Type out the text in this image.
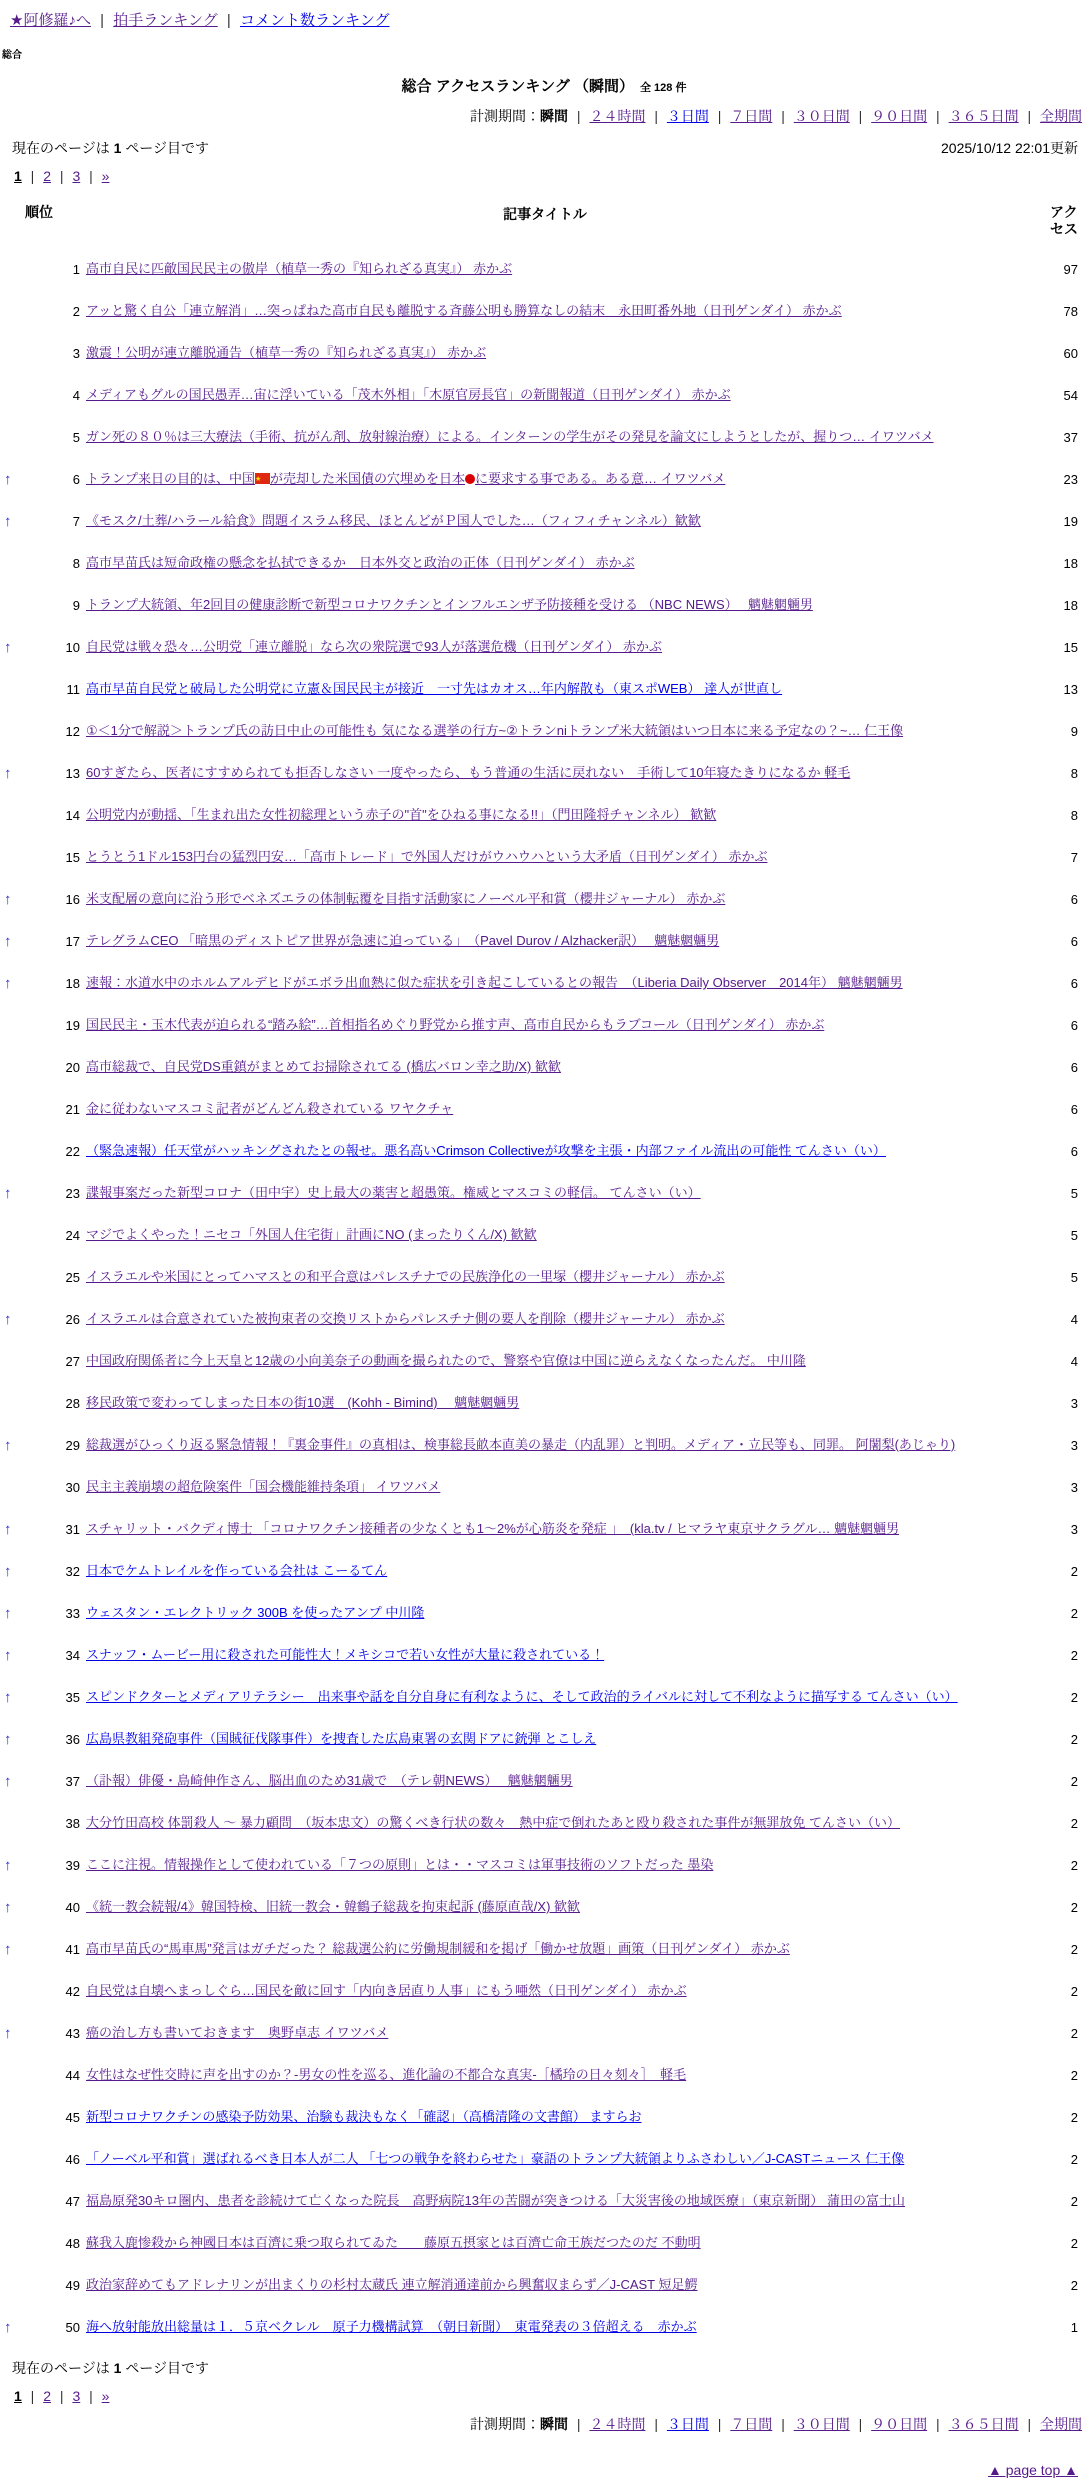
★阿修羅♪へ | 拍手ランキング | コメント数ランキング
総合
総合 アクセスランキング （瞬間） 全 128 件
計測期間：瞬間 | ２４時間 | ３日間 | ７日間 | ３０日間 | ９０日間 | ３６５日間 | 全期間
現在のページは 1 ページ目です	2025/10/12 22:01更新
1 | 2 | 3 | »
順位	記事タイトル	アクセス
1 高市自民に匹敵国民民主の傲岸（植草一秀の『知られざる真実』） 赤かぶ	97
2 アッと驚く自公「連立解消」…突っぱねた高市自民も離脱する斉藤公明も勝算なしの結末　永田町番外地（日刊ゲンダイ） 赤かぶ	78
3 激震！公明が連立離脱通告（植草一秀の『知られざる真実』） 赤かぶ	60
4 メディアもグルの国民愚弄…宙に浮いている「茂木外相」「木原官房長官」の新聞報道（日刊ゲンダイ） 赤かぶ	54
5 ガン死の８０％は三大療法（手術、抗がん剤、放射線治療）による。インターンの学生がその発見を論文にしようとしたが、握りつ… イワツバメ	37
↑	6 トランプ来日の目的は、中国 ★ が売却した米国債の穴埋めを日本 に要求する事である。ある意… イワツバメ	23
↑	7 《モスク/土葬/ハラール給食》問題イスラム移民、ほとんどがＰ国人でした…（フィフィチャンネル）歓歓	19
8 高市早苗氏は短命政権の懸念を払拭できるか　日本外交と政治の正体（日刊ゲンダイ） 赤かぶ	18
9 トランプ大統領、年2回目の健康診断で新型コロナワクチンとインフルエンザ予防接種を受ける （NBC NEWS）　 魑魅魍魎男	18
↑	10 自民党は戦々恐々…公明党「連立離脱」なら次の衆院選で93人が落選危機（日刊ゲンダイ） 赤かぶ	15
11 高市早苗自民党と破局した公明党に立憲＆国民民主が接近　一寸先はカオス…年内解散も（東スポWEB） 達人が世直し	13
12 ①＜1分で解説＞トランプ氏の訪日中止の可能性も 気になる選挙の行方~②トランniトランプ米大統領はいつ日本に来る予定なの？~… 仁王像	9
↑	13 60すぎたら、医者にすすめられても拒否しなさい 一度やったら、もう普通の生活に戻れない　手術して10年寝たきりになるか 軽毛	8
14 公明党内が動揺、「生まれ出た女性初総理という赤子の"首"をひねる事になる!!」（門田隆将チャンネル） 歓歓	8
15 とうとう1ドル153円台の猛烈円安…「高市トレード」で外国人だけがウハウハという大矛盾（日刊ゲンダイ） 赤かぶ	7
↑	16 米支配層の意向に沿う形でベネズエラの体制転覆を目指す活動家にノーベル平和賞（櫻井ジャーナル） 赤かぶ	6
↑	17 テレグラムCEO 「暗黒のディストピア世界が急速に迫っている」　（Pavel Durov / Alzhacker訳）　 魑魅魍魎男	6
↑	18 速報：水道水中のホルムアルデヒドがエボラ出血熱に似た症状を引き起こしているとの報告　（Liberia Daily Observer　2014年） 魑魅魍魎男	6
19 国民民主・玉木代表が迫られる“踏み絵”…首相指名めぐり野党から推す声、高市自民からもラブコール（日刊ゲンダイ） 赤かぶ	6
20 高市総裁で、自民党DS重鎮がまとめてお掃除されてる (橋広バロン幸之助/X) 歓歓	6
21 金に従わないマスコミ記者がどんどん殺されている ワヤクチャ	6
22 （緊急速報）任天堂がハッキングされたとの報せ。悪名高いCrimson Collectiveが攻撃を主張・内部ファイル流出の可能性 てんさい（い）	6
↑	23 諜報事案だった新型コロナ（田中宇）史上最大の薬害と超愚策。権威とマスコミの軽信。 てんさい（い）	5
24 マジでよくやった！ニセコ「外国人住宅街」計画にNO (まったりくん/X) 歓歓	5
25 イスラエルや米国にとってハマスとの和平合意はパレスチナでの民族浄化の一里塚（櫻井ジャーナル） 赤かぶ	5
↑	26 イスラエルは合意されていた被拘束者の交換リストからパレスチナ側の要人を削除（櫻井ジャーナル） 赤かぶ	4
27 中国政府関係者に今上天皇と12歳の小向美奈子の動画を撮られたので、警察や官僚は中国に逆らえなくなったんだ。 中川隆	4
28 移民政策で変わってしまった日本の街10選　(Kohh - Bimind)　 魑魅魍魎男	3
↑	29 総裁選がひっくり返る緊急情報！『裏金事件』の真相は、検事総長畝本直美の暴走（内乱罪）と判明。メディア・立民等も、同罪。 阿闍梨(あじゃり)	3
30 民主主義崩壊の超危険案件「国会機能維持条項」 イワツバメ	3
↑	31 スチャリット・バクディ博士 「コロナワクチン接種者の少なくとも1～2%が心筋炎を発症 」　(kla.tv / ヒマラヤ東京サクラグル… 魑魅魍魎男	3
↑	32 日本でケムトレイルを作っている会社は こーるてん	2
↑	33 ウェスタン・エレクトリック 300B を使ったアンプ 中川隆	2
↑	34 スナッフ・ムービー用に殺された可能性大！メキシコで若い女性が大量に殺されている！	2
↑	35 スピンドクターとメディアリテラシー　出来事や話を自分自身に有利なように、そして政治的ライバルに対して不利なように描写する てんさい（い）	2
↑	36 広島県教組発砲事件（国賊征伐隊事件）を捜査した広島東署の玄関ドアに銃弾 とこしえ	2
↑	37 （訃報）俳優・島崎伸作さん、脳出血のため31歳で　（テレ朝NEWS）　 魑魅魍魎男	2
38 大分竹田高校 体罰殺人 ～ 暴力顧問　（坂本忠文）の驚くべき行状の数々　熱中症で倒れたあと殴り殺された事件が無罪放免 てんさい（い）	2
↑	39 ここに注視。情報操作として使われている「７つの原則」とは・・マスコミは軍事技術のソフトだった 墨染	2
↑	40 《統一教会続報/4》韓国特検、旧統一教会・韓鶴子総裁を拘束起訴 (藤原直哉/X) 歓歓	2
↑	41 高市早苗氏の“馬車馬”発言はガチだった？ 総裁選公約に労働規制緩和を掲げ「働かせ放題」画策（日刊ゲンダイ） 赤かぶ	2
42 自民党は自壊へまっしぐら…国民を敵に回す「内向き居直り人事」にもう唖然（日刊ゲンダイ） 赤かぶ	2
↑	43 癌の治し方も書いておきます　奥野卓志 イワツバメ	2
44 女性はなぜ性交時に声を出すのか？-男女の性を巡る、進化論の不都合な真実-［橘玲の日々刻々］　軽毛	2
45 新型コロナワクチンの感染予防効果、治験も裁決もなく「確認」（高橋清隆の文書館） ますらお	2
46 「ノーベル平和賞」選ばれるべき日本人が二人 「七つの戦争を終わらせた」豪語のトランプ大統領よりふさわしい／J-CASTニュース 仁王像	2
47 福島原発30キロ圏内、患者を診続けて亡くなった院長　高野病院13年の苦闘が突きつける「大災害後の地域医療」（東京新聞） 蒲田の富士山	2
48 蘇我入鹿惨殺から神國日本は百濟に乗つ取られてゐた　　藤原五摂家とは百濟亡命王族だつたのだ 不動明	2
49 政治家辞めてもアドレナリンが出まくりの杉村太蔵氏 連立解消通達前から興奮収まらず／J-CAST 短足鰐	2
↑	50 海へ放射能放出総量は１．５京ベクレル　原子力機構試算　（朝日新聞）　東電発表の３倍超える　赤かぶ	1
現在のページは 1 ページ目です
1 | 2 | 3 | »
計測期間：瞬間 | ２４時間 | ３日間 | ７日間 | ３０日間 | ９０日間 | ３６５日間 | 全期間
▲ page top ▲
